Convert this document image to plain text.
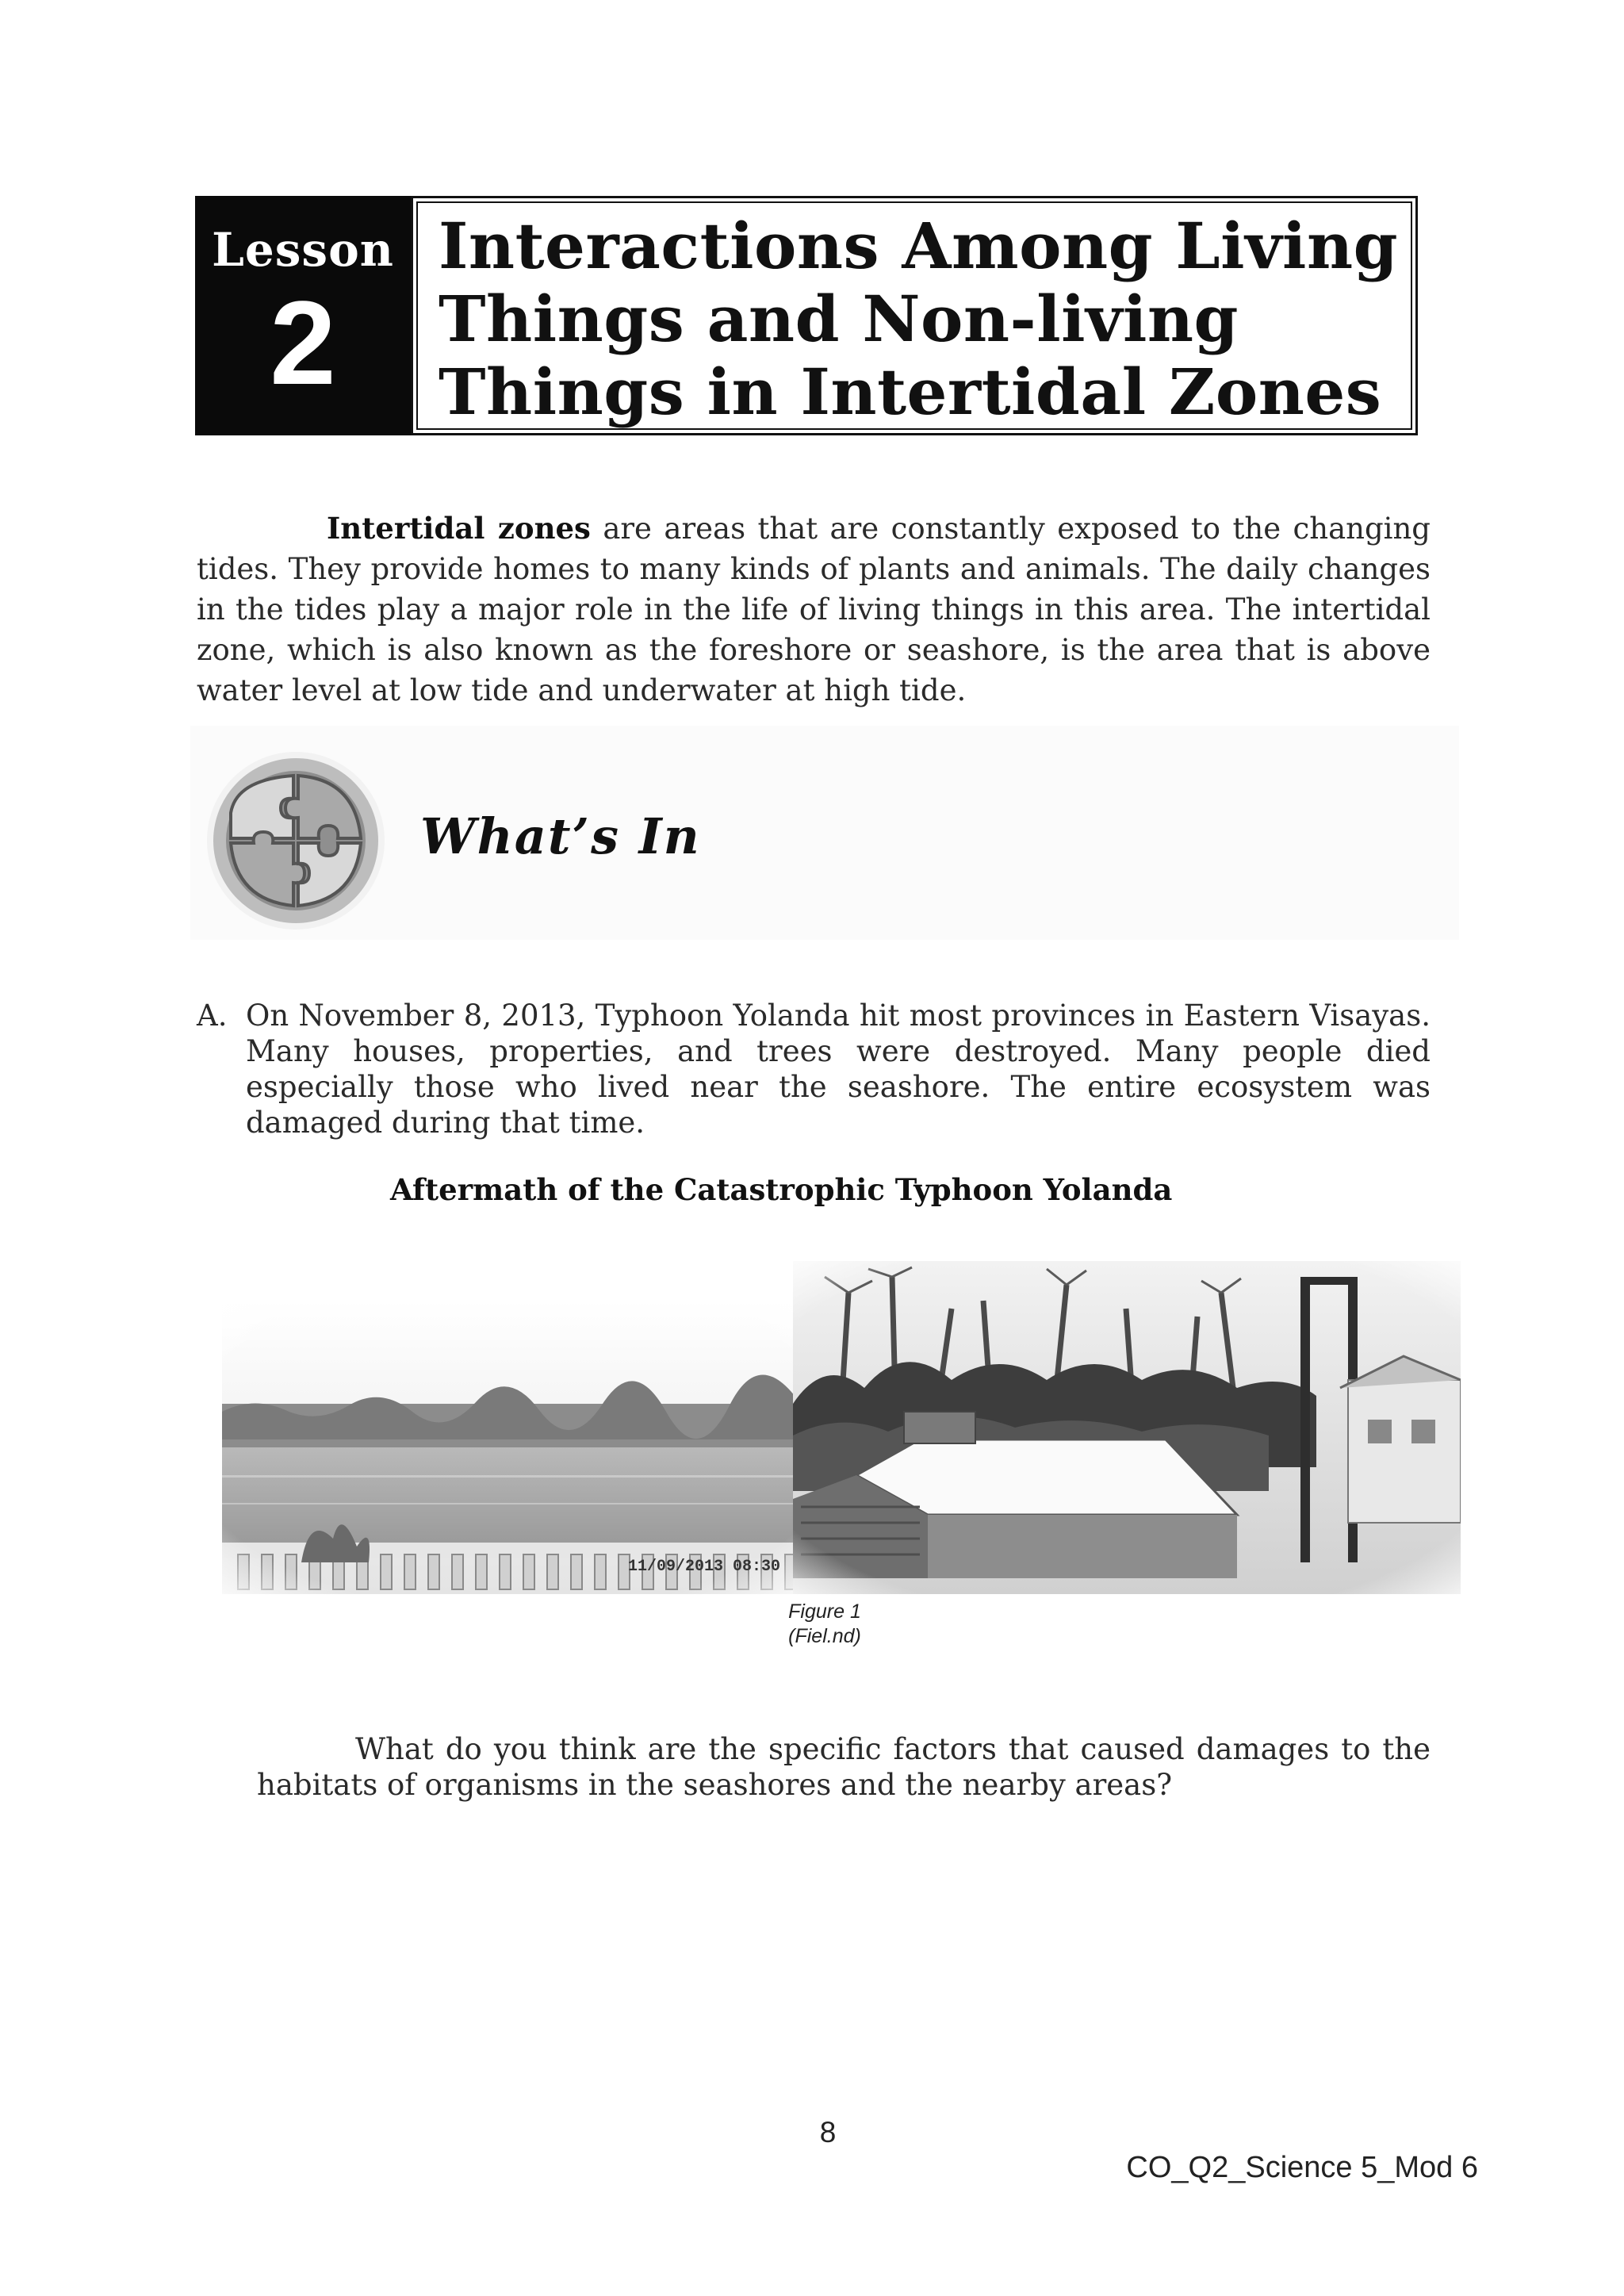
Lesson
2
Interactions Among Living
Things and Non-living
Things in Intertidal Zones

Intertidal zones are areas that are constantly exposed to the changing tides. They provide homes to many kinds of plants and animals. The daily changes in the tides play a major role in the life of living things in this area. The intertidal zone, which is also known as the foreshore or seashore, is the area that is above water level at low tide and underwater at high tide.

What’s In
A. On November 8, 2013, Typhoon Yolanda hit most provinces in Eastern Visayas. Many houses, properties, and trees were destroyed. Many people died especially those who lived near the seashore. The entire ecosystem was damaged during that time.
Aftermath of the Catastrophic Typhoon Yolanda
11/09/2013 08:30
Figure 1
(Fiel.nd)

What do you think are the specific factors that caused damages to the habitats of organisms in the seashores and the nearby areas?

8
CO_Q2_Science 5_Mod 6
